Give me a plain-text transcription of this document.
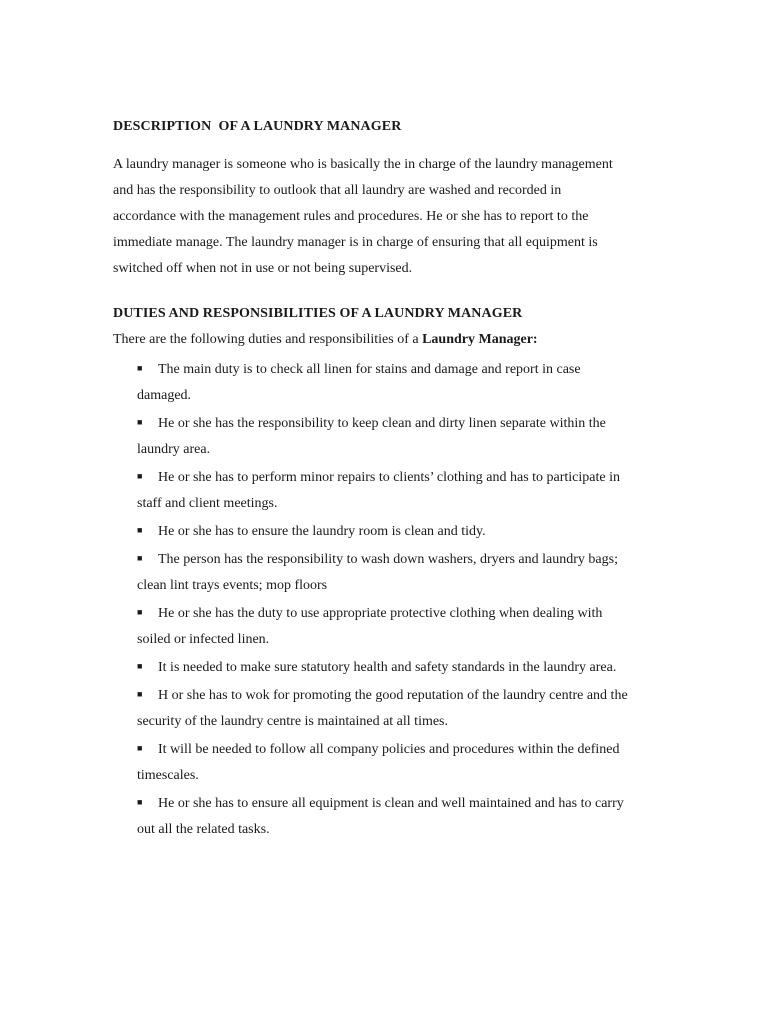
DESCRIPTION  OF A LAUNDRY MANAGER
A laundry manager is someone who is basically the in charge of the laundry management
and has the responsibility to outlook that all laundry are washed and recorded in
accordance with the management rules and procedures. He or she has to report to the
immediate manage. The laundry manager is in charge of ensuring that all equipment is
switched off when not in use or not being supervised.
DUTIES AND RESPONSIBILITIES OF A LAUNDRY MANAGER
There are the following duties and responsibilities of a Laundry Manager:
■ The main duty is to check all linen for stains and damage and report in case
damaged.
■ He or she has the responsibility to keep clean and dirty linen separate within the
laundry area.
■ He or she has to perform minor repairs to clients’ clothing and has to participate in
staff and client meetings.
■ He or she has to ensure the laundry room is clean and tidy.
■ The person has the responsibility to wash down washers, dryers and laundry bags;
clean lint trays events; mop floors
■ He or she has the duty to use appropriate protective clothing when dealing with
soiled or infected linen.
■ It is needed to make sure statutory health and safety standards in the laundry area.
■ H or she has to wok for promoting the good reputation of the laundry centre and the
security of the laundry centre is maintained at all times.
■ It will be needed to follow all company policies and procedures within the defined
timescales.
■ He or she has to ensure all equipment is clean and well maintained and has to carry
out all the related tasks.
